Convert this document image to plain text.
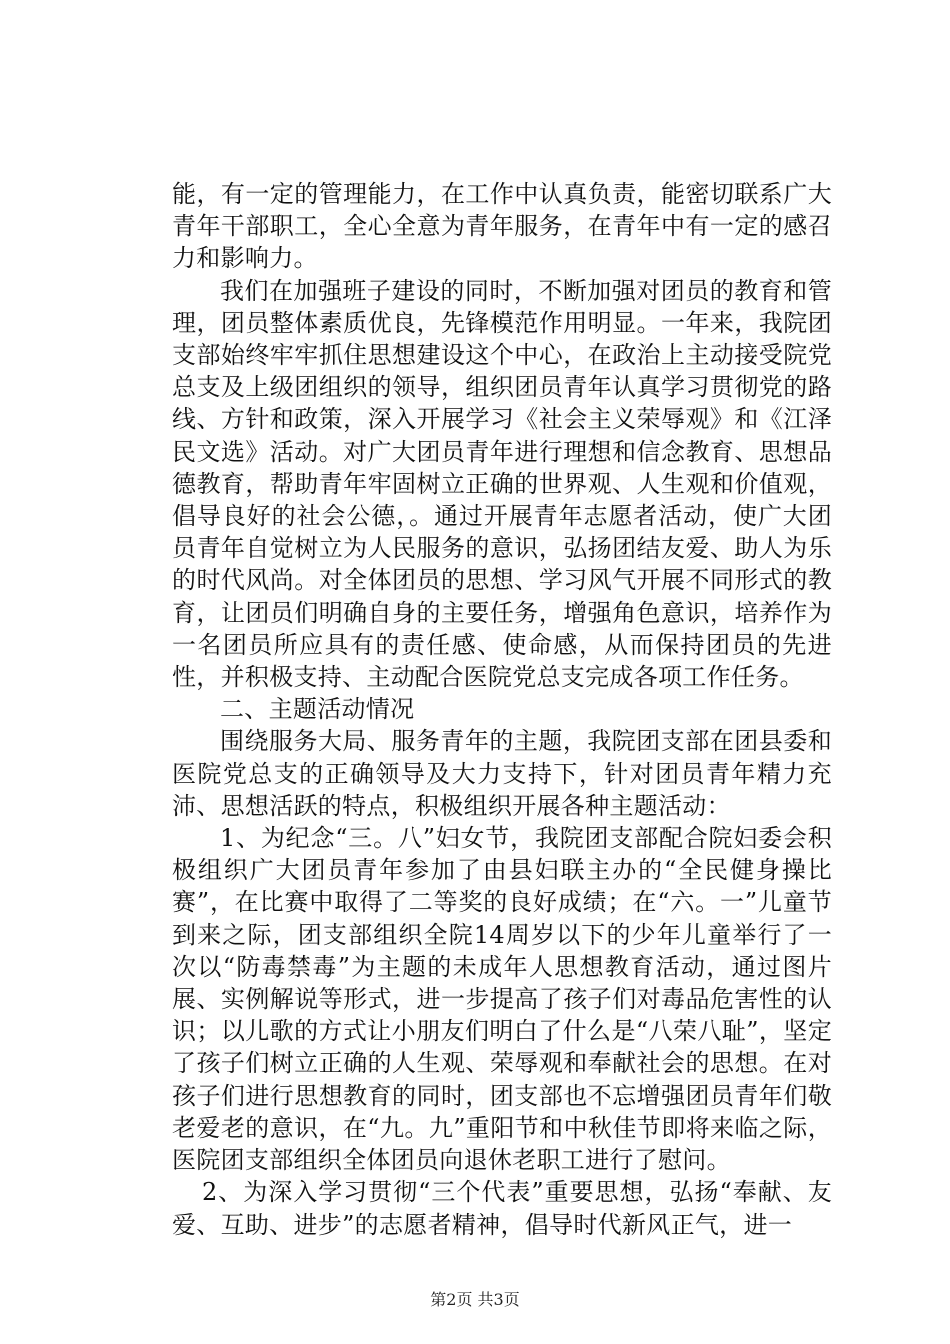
能，有一定的管理能力，在工作中认真负责，能密切联系广大青年干部职工，全心全意为青年服务，在青年中有一定的感召力和影响力。

我们在加强班子建设的同时，不断加强对团员的教育和管理，团员整体素质优良，先锋模范作用明显。一年来，我院团支部始终牢牢抓住思想建设这个中心，在政治上主动接受院党总支及上级团组织的领导，组织团员青年认真学习贯彻党的路线、方针和政策，深入开展学习《社会主义荣辱观》和《江泽民文选》活动。对广大团员青年进行理想和信念教育、思想品德教育，帮助青年牢固树立正确的世界观、人生观和价值观，倡导良好的社会公德，。通过开展青年志愿者活动，使广大团员青年自觉树立为人民服务的意识，弘扬团结友爱、助人为乐的时代风尚。对全体团员的思想、学习风气开展不同形式的教育，让团员们明确自身的主要任务，增强角色意识，培养作为一名团员所应具有的责任感、使命感，从而保持团员的先进性，并积极支持、主动配合医院党总支完成各项工作任务。

二、主题活动情况

围绕服务大局、服务青年的主题，我院团支部在团县委和医院党总支的正确领导及大力支持下，针对团员青年精力充沛、思想活跃的特点，积极组织开展各种主题活动：

1、为纪念“三。八”妇女节，我院团支部配合院妇委会积极组织广大团员青年参加了由县妇联主办的“全民健身操比赛”，在比赛中取得了二等奖的良好成绩；在“六。一”儿童节到来之际，团支部组织全院14周岁以下的少年儿童举行了一次以“防毒禁毒”为主题的未成年人思想教育活动，通过图片展、实例解说等形式，进一步提高了孩子们对毒品危害性的认识；以儿歌的方式让小朋友们明白了什么是“八荣八耻”，坚定了孩子们树立正确的人生观、荣辱观和奉献社会的思想。在对孩子们进行思想教育的同时，团支部也不忘增强团员青年们敬老爱老的意识，在“九。九”重阳节和中秋佳节即将来临之际，医院团支部组织全体团员向退休老职工进行了慰问。

2、为深入学习贯彻“三个代表”重要思想，弘扬“奉献、友爱、互助、进步”的志愿者精神，倡导时代新风正气，进一

第2页 共3页
